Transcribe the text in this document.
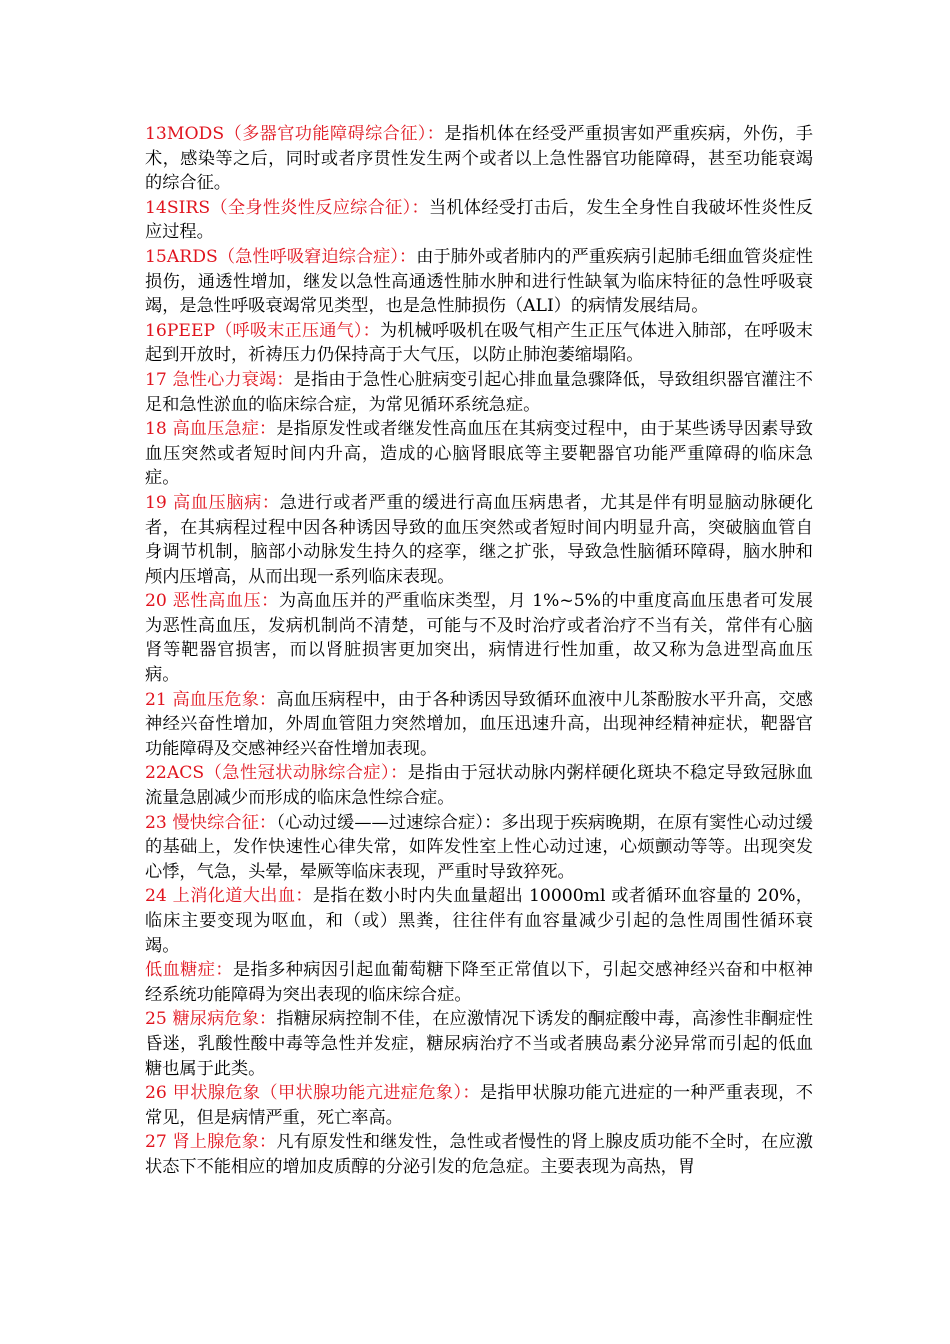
13MODS（多器官功能障碍综合征）：是指机体在经受严重损害如严重疾病，外伤，手术，感染等之后，同时或者序贯性发生两个或者以上急性器官功能障碍，甚至功能衰竭的综合征。

14SIRS（全身性炎性反应综合征）：当机体经受打击后，发生全身性自我破坏性炎性反应过程。

15ARDS（急性呼吸窘迫综合症）：由于肺外或者肺内的严重疾病引起肺毛细血管炎症性损伤，通透性增加，继发以急性高通透性肺水肿和进行性缺氧为临床特征的急性呼吸衰竭，是急性呼吸衰竭常见类型，也是急性肺损伤（ALI）的病情发展结局。

16PEEP（呼吸末正压通气）：为机械呼吸机在吸气相产生正压气体进入肺部，在呼吸末起到开放时，祈祷压力仍保持高于大气压，以防止肺泡萎缩塌陷。

17 急性心力衰竭：是指由于急性心脏病变引起心排血量急骤降低，导致组织器官灌注不足和急性淤血的临床综合症，为常见循环系统急症。

18 高血压急症：是指原发性或者继发性高血压在其病变过程中，由于某些诱导因素导致血压突然或者短时间内升高，造成的心脑肾眼底等主要靶器官功能严重障碍的临床急症。

19 高血压脑病：急进行或者严重的缓进行高血压病患者，尤其是伴有明显脑动脉硬化者，在其病程过程中因各种诱因导致的血压突然或者短时间内明显升高，突破脑血管自身调节机制，脑部小动脉发生持久的痉挛，继之扩张，导致急性脑循环障碍，脑水肿和颅内压增高，从而出现一系列临床表现。

20 恶性高血压：为高血压并的严重临床类型，月 1%~5%的中重度高血压患者可发展为恶性高血压，发病机制尚不清楚，可能与不及时治疗或者治疗不当有关，常伴有心脑肾等靶器官损害，而以肾脏损害更加突出，病情进行性加重，故又称为急进型高血压病。

21 高血压危象：高血压病程中，由于各种诱因导致循环血液中儿茶酚胺水平升高，交感神经兴奋性增加，外周血管阻力突然增加，血压迅速升高，出现神经精神症状，靶器官功能障碍及交感神经兴奋性增加表现。

22ACS（急性冠状动脉综合症）：是指由于冠状动脉内粥样硬化斑块不稳定导致冠脉血流量急剧减少而形成的临床急性综合症。

23 慢快综合征：（心动过缓——过速综合症）：多出现于疾病晚期，在原有窦性心动过缓的基础上，发作快速性心律失常，如阵发性室上性心动过速，心烦颤动等等。出现突发心悸，气急，头晕，晕厥等临床表现，严重时导致猝死。

24 上消化道大出血：是指在数小时内失血量超出 10000ml 或者循环血容量的 20%，临床主要变现为呕血，和（或）黑粪，往往伴有血容量减少引起的急性周围性循环衰竭。

低血糖症：是指多种病因引起血葡萄糖下降至正常值以下，引起交感神经兴奋和中枢神经系统功能障碍为突出表现的临床综合症。

25 糖尿病危象：指糖尿病控制不佳，在应激情况下诱发的酮症酸中毒，高渗性非酮症性昏迷，乳酸性酸中毒等急性并发症，糖尿病治疗不当或者胰岛素分泌异常而引起的低血糖也属于此类。

26 甲状腺危象（甲状腺功能亢进症危象）：是指甲状腺功能亢进症的一种严重表现，不常见，但是病情严重，死亡率高。

27 肾上腺危象：凡有原发性和继发性，急性或者慢性的肾上腺皮质功能不全时，在应激状态下不能相应的增加皮质醇的分泌引发的危急症。主要表现为高热，胃
